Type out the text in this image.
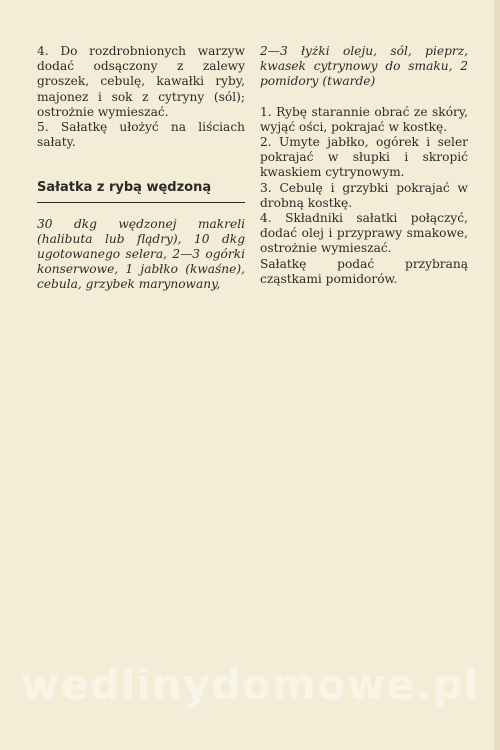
4. Do rozdrobnionych warzyw dodać odsączony z zalewy groszek, cebulę, kawałki ryby, majonez i sok z cytryny (sól); ostrożnie wymieszać.

5. Sałatkę ułożyć na liściach sałaty.

Sałatka z rybą wędzoną

30 dkg wędzonej makreli (halibuta lub flądry), 10 dkg ugotowanego selera, 2—3 ogórki konserwowe, 1 jabłko (kwaśne), cebula, grzybek marynowany,

2—3 łyżki oleju, sól, pieprz, kwasek cytrynowy do smaku, 2 pomidory (twarde)

1. Rybę starannie obrać ze skóry, wyjąć ości, pokrajać w kostkę.

2. Umyte jabłko, ogórek i seler pokrajać w słupki i skropić kwaskiem cytrynowym.

3. Cebulę i grzybki pokrajać w drobną kostkę.

4. Składniki sałatki połączyć, dodać olej i przyprawy smakowe, ostrożnie wymieszać.

Sałatkę podać przybraną cząstkami pomidorów.

wedlinydomowe.pl
